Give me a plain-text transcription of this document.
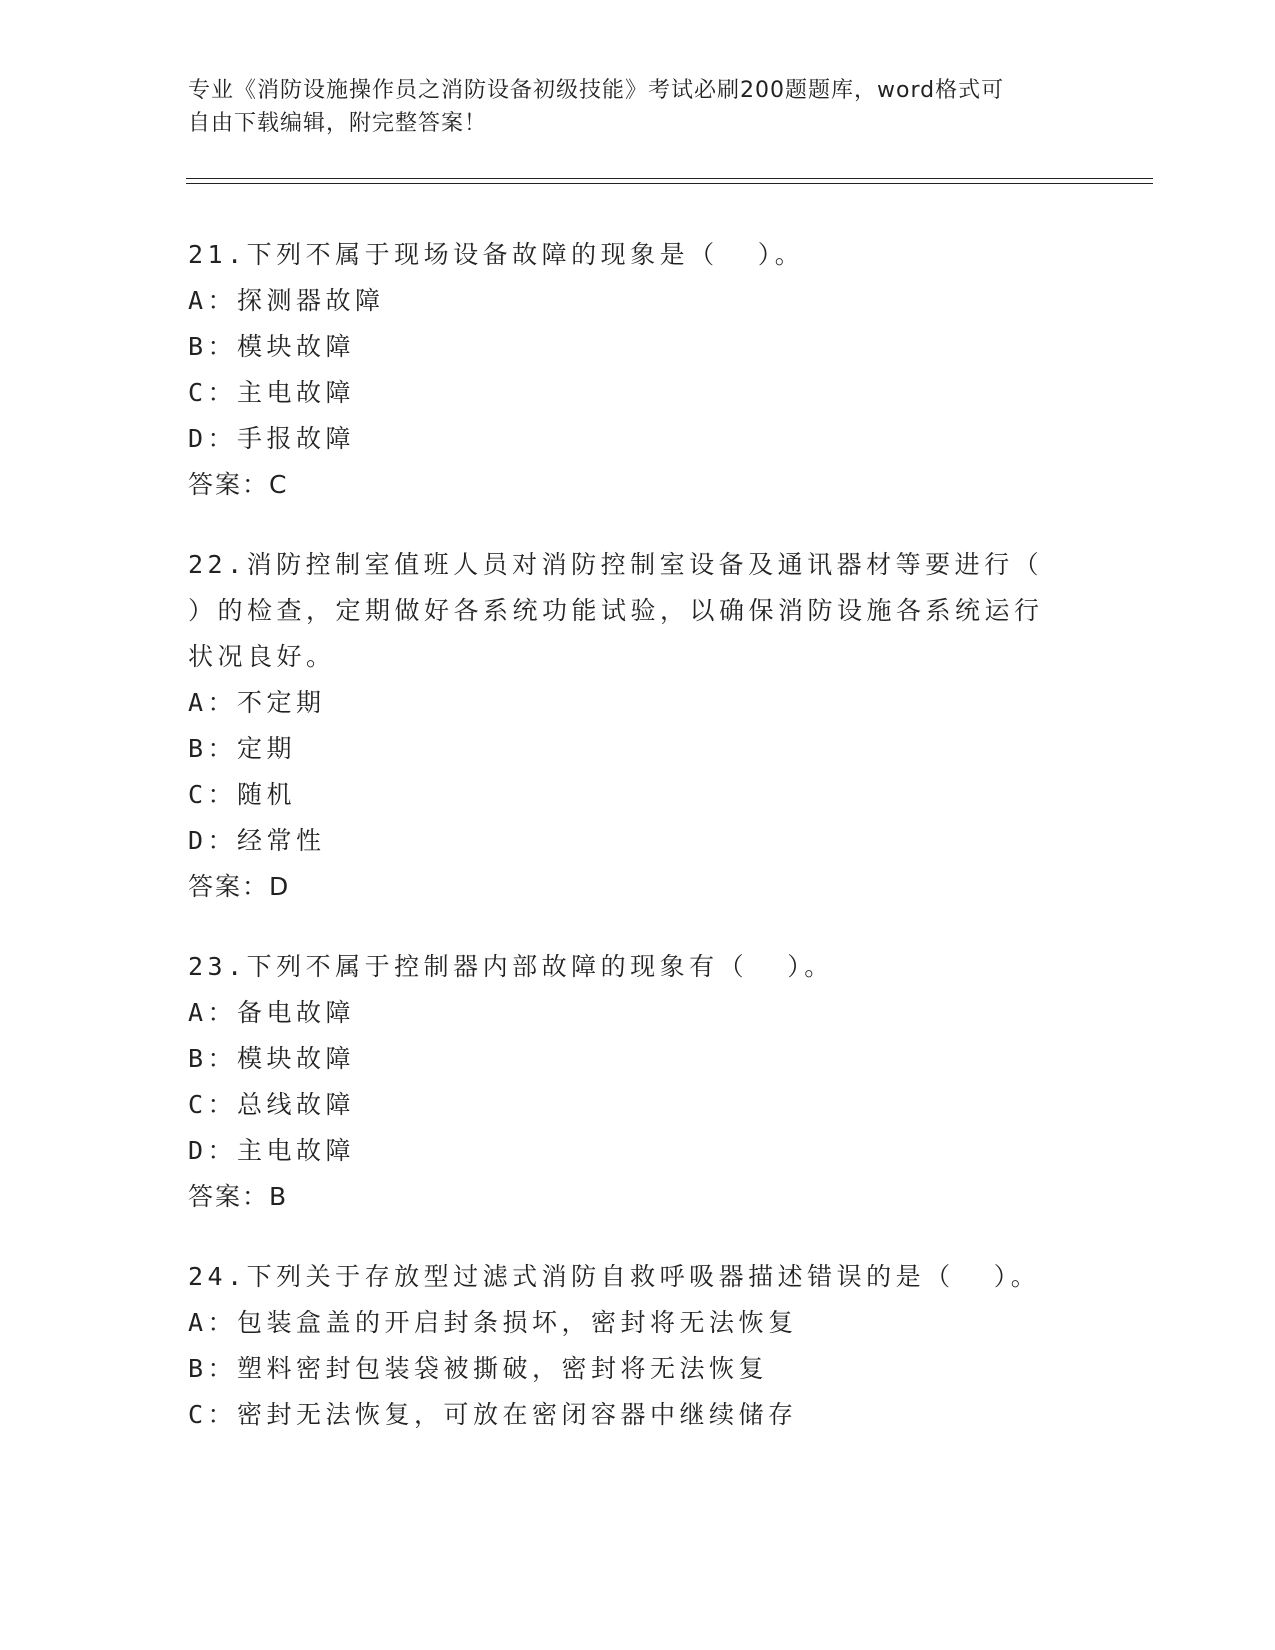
专业《消防设施操作员之消防设备初级技能》考试必刷200题题库，word格式可
自由下载编辑，附完整答案！
21.下列不属于现场设备故障的现象是（  ）。
A：探测器故障
B：模块故障
C：主电故障
D：手报故障
答案：C
22.消防控制室值班人员对消防控制室设备及通讯器材等要进行（  ）的检查，定期做好各系统功能试验，以确保消防设施各系统运行状况良好。
A：不定期
B：定期
C：随机
D：经常性
答案：D
23.下列不属于控制器内部故障的现象有（  ）。
A：备电故障
B：模块故障
C：总线故障
D：主电故障
答案：B
24.下列关于存放型过滤式消防自救呼吸器描述错误的是（  ）。
A：包装盒盖的开启封条损坏，密封将无法恢复
B：塑料密封包装袋被撕破，密封将无法恢复
C：密封无法恢复，可放在密闭容器中继续储存
